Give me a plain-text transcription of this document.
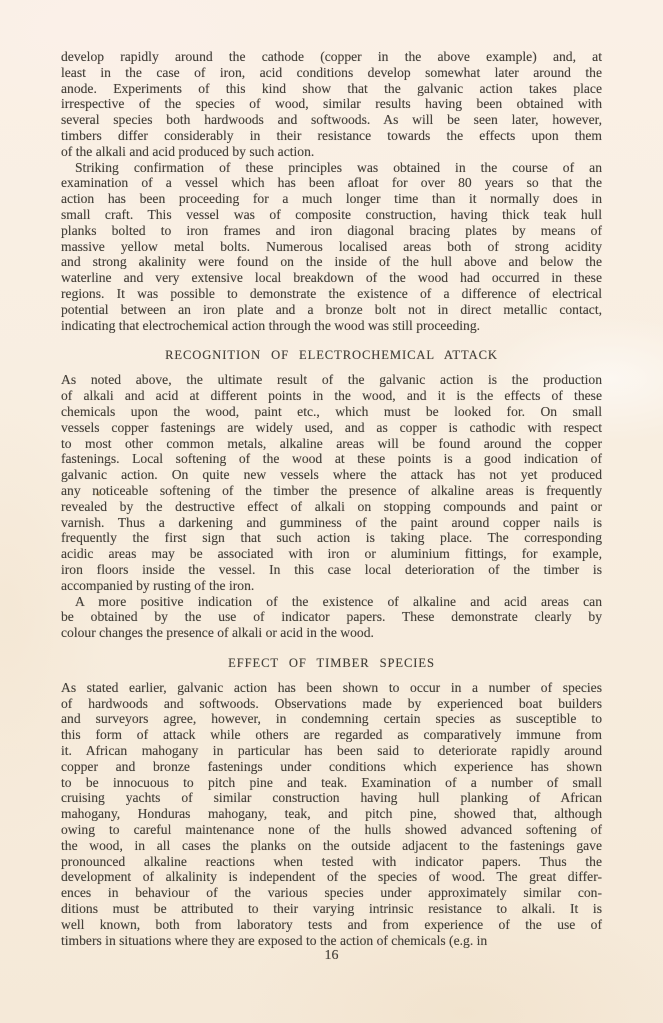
develop rapidly around the cathode (copper in the above example) and, at
least in the case of iron, acid conditions develop somewhat later around the
anode. Experiments of this kind show that the galvanic action takes place
irrespective of the species of wood, similar results having been obtained with
several species both hardwoods and softwoods. As will be seen later, however,
timbers differ considerably in their resistance towards the effects upon them
of the alkali and acid produced by such action.
Striking confirmation of these principles was obtained in the course of an
examination of a vessel which has been afloat for over 80 years so that the
action has been proceeding for a much longer time than it normally does in
small craft. This vessel was of composite construction, having thick teak hull
planks bolted to iron frames and iron diagonal bracing plates by means of
massive yellow metal bolts. Numerous localised areas both of strong acidity
and strong akalinity were found on the inside of the hull above and below the
waterline and very extensive local breakdown of the wood had occurred in these
regions. It was possible to demonstrate the existence of a difference of electrical
potential between an iron plate and a bronze bolt not in direct metallic contact,
indicating that electrochemical action through the wood was still proceeding.
RECOGNITION OF ELECTROCHEMICAL ATTACK
As noted above, the ultimate result of the galvanic action is the production
of alkali and acid at different points in the wood, and it is the effects of these
chemicals upon the wood, paint etc., which must be looked for. On small
vessels copper fastenings are widely used, and as copper is cathodic with respect
to most other common metals, alkaline areas will be found around the copper
fastenings. Local softening of the wood at these points is a good indication of
galvanic action. On quite new vessels where the attack has not yet produced
any noticeable softening of the timber the presence of alkaline areas is frequently
revealed by the destructive effect of alkali on stopping compounds and paint or
varnish. Thus a darkening and gumminess of the paint around copper nails is
frequently the first sign that such action is taking place. The corresponding
acidic areas may be associated with iron or aluminium fittings, for example,
iron floors inside the vessel. In this case local deterioration of the timber is
accompanied by rusting of the iron.
A more positive indication of the existence of alkaline and acid areas can
be obtained by the use of indicator papers. These demonstrate clearly by
colour changes the presence of alkali or acid in the wood.
EFFECT OF TIMBER SPECIES
As stated earlier, galvanic action has been shown to occur in a number of species
of hardwoods and softwoods. Observations made by experienced boat builders
and surveyors agree, however, in condemning certain species as susceptible to
this form of attack while others are regarded as comparatively immune from
it. African mahogany in particular has been said to deteriorate rapidly around
copper and bronze fastenings under conditions which experience has shown
to be innocuous to pitch pine and teak. Examination of a number of small
cruising yachts of similar construction having hull planking of African
mahogany, Honduras mahogany, teak, and pitch pine, showed that, although
owing to careful maintenance none of the hulls showed advanced softening of
the wood, in all cases the planks on the outside adjacent to the fastenings gave
pronounced alkaline reactions when tested with indicator papers. Thus the
development of alkalinity is independent of the species of wood. The great differ-
ences in behaviour of the various species under approximately similar con-
ditions must be attributed to their varying intrinsic resistance to alkali. It is
well known, both from laboratory tests and from experience of the use of
timbers in situations where they are exposed to the action of chemicals (e.g. in
16
